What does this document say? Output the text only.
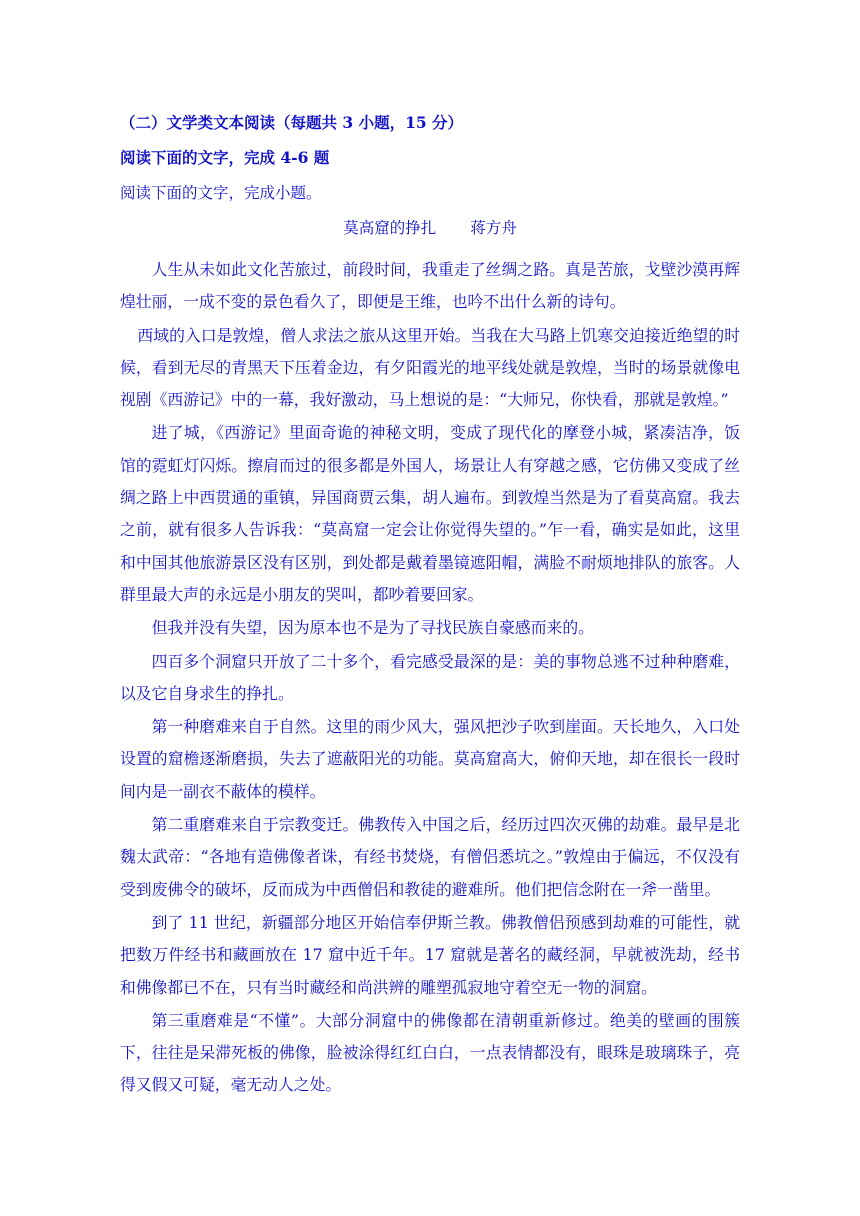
（二）文学类文本阅读（每题共 3 小题，15 分）
阅读下面的文字，完成 4-6 题
阅读下面的文字，完成小题。
莫高窟的挣扎 蒋方舟

人生从未如此文化苦旅过，前段时间，我重走了丝绸之路。真是苦旅，戈壁沙漠再辉煌壮丽，一成不变的景色看久了，即便是王维，也吟不出什么新的诗句。

西域的入口是敦煌，僧人求法之旅从这里开始。当我在大马路上饥寒交迫接近绝望的时候，看到无尽的青黑天下压着金边，有夕阳霞光的地平线处就是敦煌，当时的场景就像电视剧《西游记》中的一幕，我好激动，马上想说的是：“大师兄，你快看，那就是敦煌。”

进了城，《西游记》里面奇诡的神秘文明，变成了现代化的摩登小城，紧凑洁净，饭馆的霓虹灯闪烁。擦肩而过的很多都是外国人，场景让人有穿越之感，它仿佛又变成了丝绸之路上中西贯通的重镇，异国商贾云集，胡人遍布。到敦煌当然是为了看莫高窟。我去之前，就有很多人告诉我：“莫高窟一定会让你觉得失望的。”乍一看，确实是如此，这里和中国其他旅游景区没有区别，到处都是戴着墨镜遮阳帽，满脸不耐烦地排队的旅客。人群里最大声的永远是小朋友的哭叫，都吵着要回家。

但我并没有失望，因为原本也不是为了寻找民族自豪感而来的。

四百多个洞窟只开放了二十多个，看完感受最深的是：美的事物总逃不过种种磨难，以及它自身求生的挣扎。

第一种磨难来自于自然。这里的雨少风大，强风把沙子吹到崖面。天长地久，入口处设置的窟檐逐渐磨损，失去了遮蔽阳光的功能。莫高窟高大，俯仰天地，却在很长一段时间内是一副衣不蔽体的模样。

第二重磨难来自于宗教变迁。佛教传入中国之后，经历过四次灭佛的劫难。最早是北魏太武帝：“各地有造佛像者诛，有经书焚烧，有僧侣悉坑之。”敦煌由于偏远，不仅没有受到废佛令的破坏，反而成为中西僧侣和教徒的避难所。他们把信念附在一斧一凿里。

到了 11 世纪，新疆部分地区开始信奉伊斯兰教。佛教僧侣预感到劫难的可能性，就把数万件经书和藏画放在 17 窟中近千年。17 窟就是著名的藏经洞，早就被洗劫，经书和佛像都已不在，只有当时藏经和尚洪辨的雕塑孤寂地守着空无一物的洞窟。

第三重磨难是“不懂”。大部分洞窟中的佛像都在清朝重新修过。绝美的壁画的围簇下，往往是呆滞死板的佛像，脸被涂得红红白白，一点表情都没有，眼珠是玻璃珠子，亮得又假又可疑，毫无动人之处。
